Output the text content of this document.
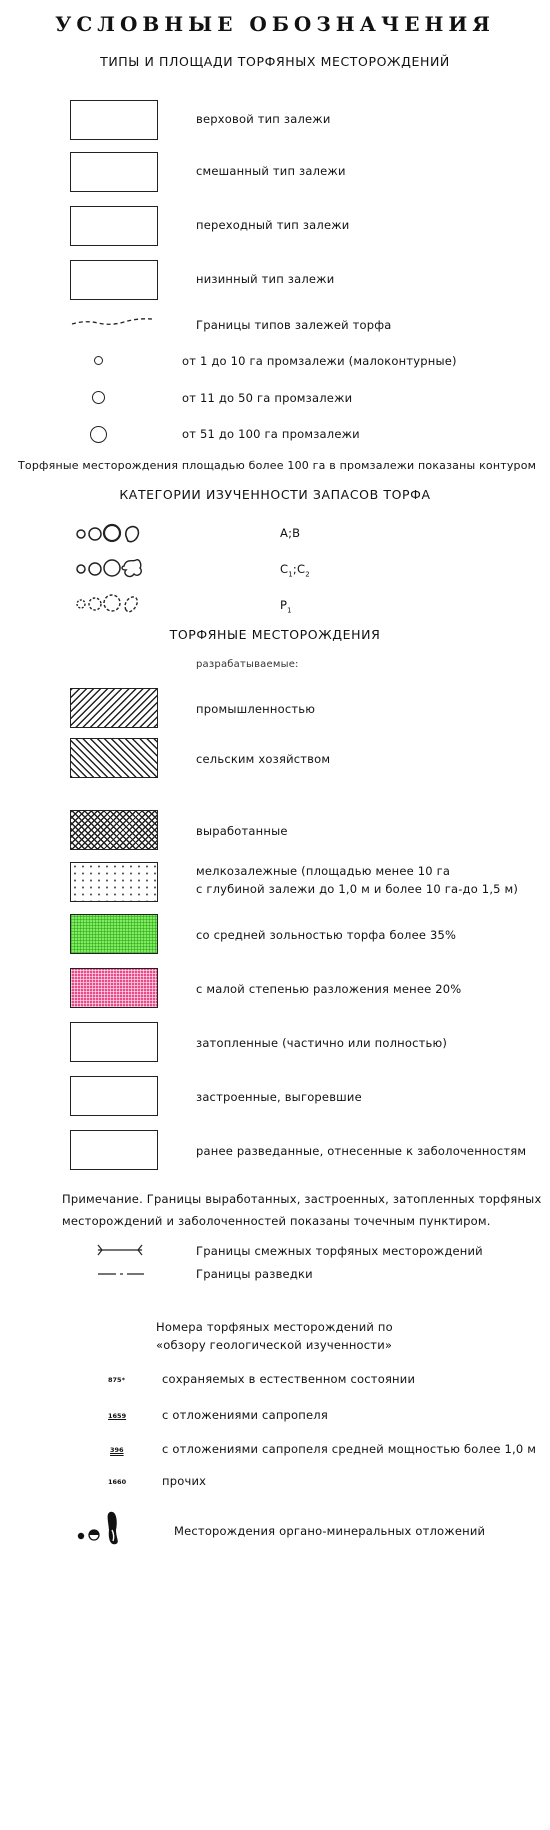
УСЛОВНЫЕ ОБОЗНАЧЕНИЯ
ТИПЫ И ПЛОЩАДИ ТОРФЯНЫХ МЕСТОРОЖДЕНИЙ
верховой тип залежи
смешанный тип залежи
переходный тип залежи
низинный тип залежи
Границы типов залежей торфа
от 1 до 10 га промзалежи (малоконтурные)
от 11 до 50 га промзалежи
от 51 до 100 га промзалежи
Торфяные месторождения площадью более 100 га в промзалежи показаны контуром
КАТЕГОРИИ ИЗУЧЕННОСТИ ЗАПАСОВ ТОРФА
А;В
$С_1;С_2$
$Р_1$
ТОРФЯНЫЕ МЕСТОРОЖДЕНИЯ
разрабатываемые:
промышленностью
сельским хозяйством
выработанные
мелкозалежные (площадью менее 10 га
с глубиной залежи до 1,0 м и более 10 га-до 1,5 м)
со средней зольностью торфа более 35%
с малой степенью разложения менее 20%
затопленные (частично или полностью)
застроенные, выгоревшие
ранее разведанные, отнесенные к заболоченностям
Примечание. Границы выработанных, застроенных, затопленных торфяных
месторождений и заболоченностей показаны точечным пунктиром.
Границы смежных торфяных месторождений
Границы разведки
Номера торфяных месторождений по
«обзору геологической изученности»
875*	сохраняемых в естественном состоянии
1659	с отложениями сапропеля
396	с отложениями сапропеля средней мощностью более 1,0 м
1660	прочих
Месторождения органо-минеральных отложений
